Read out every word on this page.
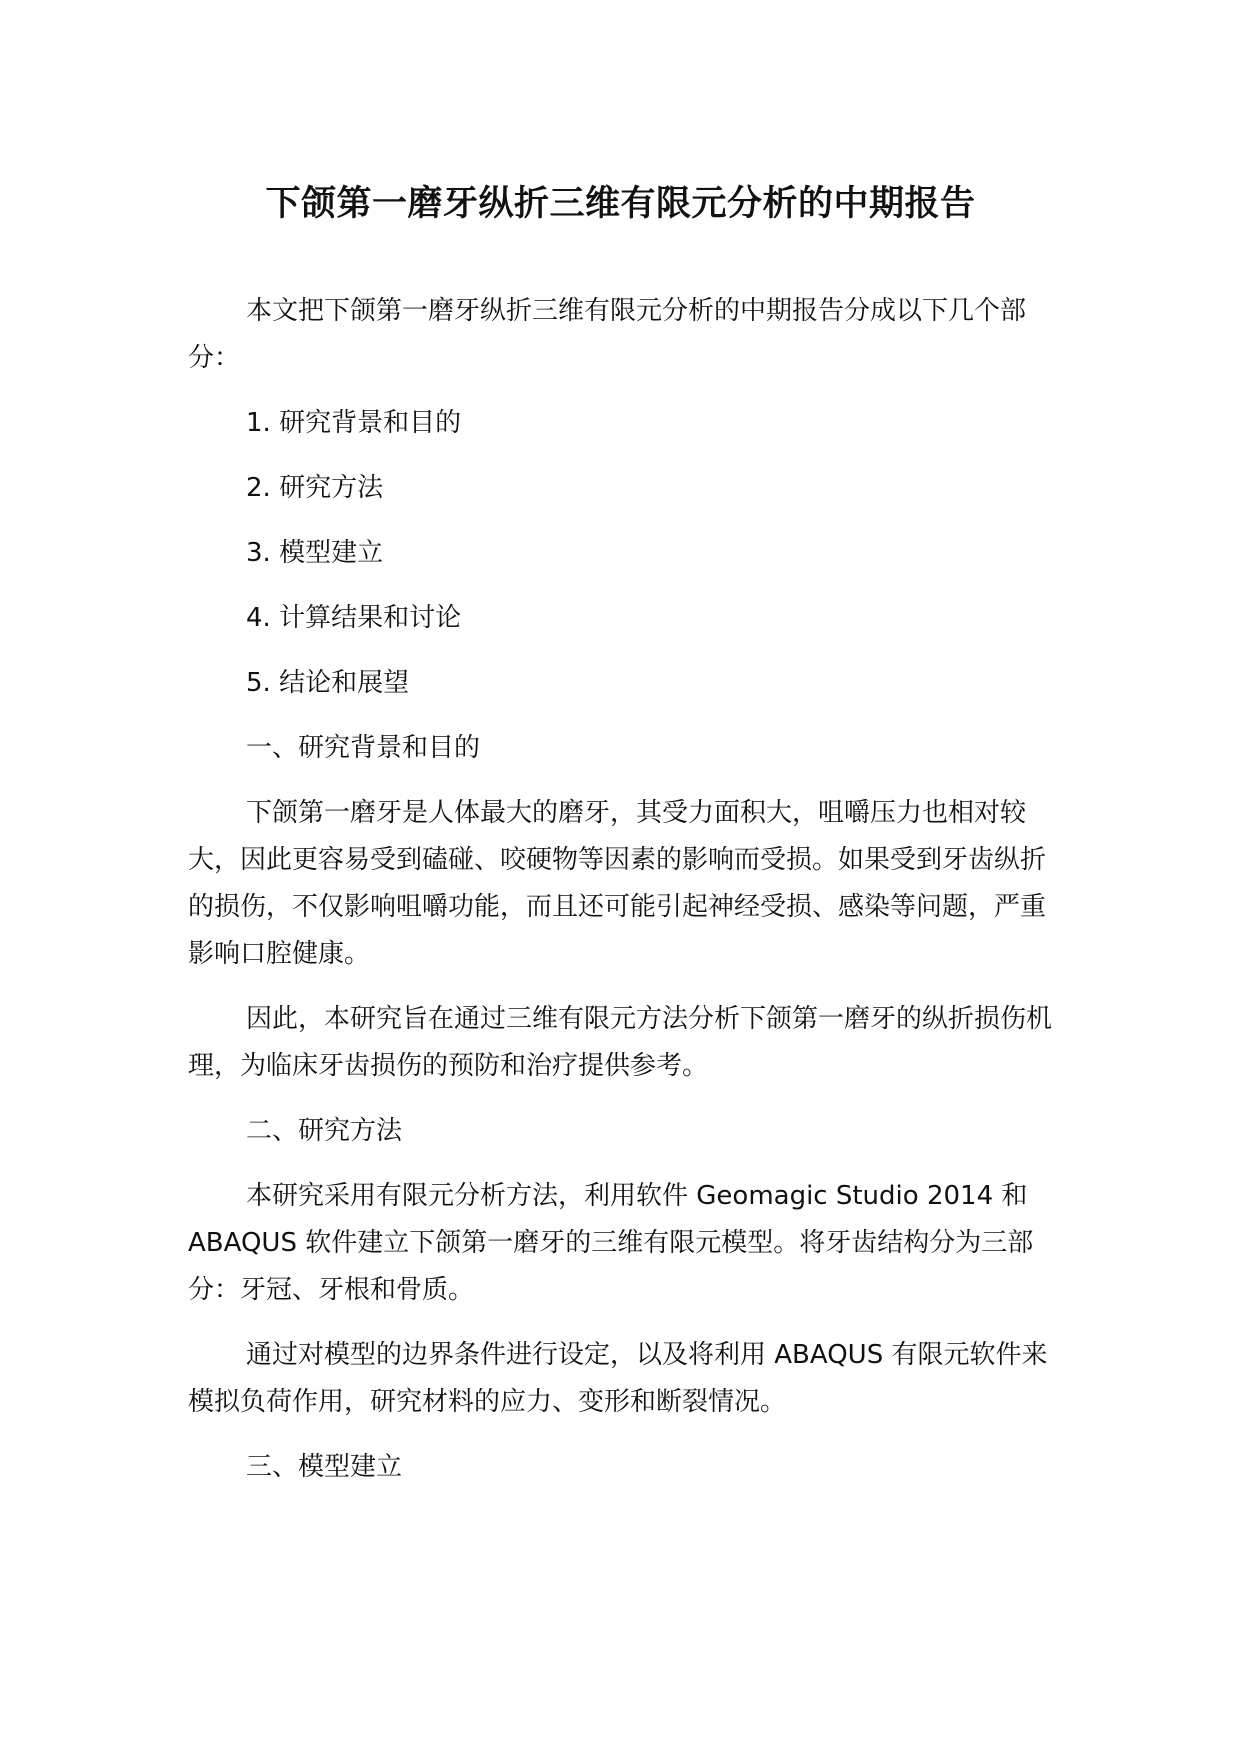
下颌第一磨牙纵折三维有限元分析的中期报告

本文把下颌第一磨牙纵折三维有限元分析的中期报告分成以下几个部分：

1. 研究背景和目的

2. 研究方法

3. 模型建立

4. 计算结果和讨论

5. 结论和展望

一、研究背景和目的

下颌第一磨牙是人体最大的磨牙，其受力面积大，咀嚼压力也相对较大，因此更容易受到磕碰、咬硬物等因素的影响而受损。如果受到牙齿纵折的损伤，不仅影响咀嚼功能，而且还可能引起神经受损、感染等问题，严重影响口腔健康。

因此，本研究旨在通过三维有限元方法分析下颌第一磨牙的纵折损伤机理，为临床牙齿损伤的预防和治疗提供参考。

二、研究方法

本研究采用有限元分析方法，利用软件 Geomagic Studio 2014 和 ABAQUS 软件建立下颌第一磨牙的三维有限元模型。将牙齿结构分为三部分：牙冠、牙根和骨质。

通过对模型的边界条件进行设定，以及将利用 ABAQUS 有限元软件来模拟负荷作用，研究材料的应力、变形和断裂情况。

三、模型建立
